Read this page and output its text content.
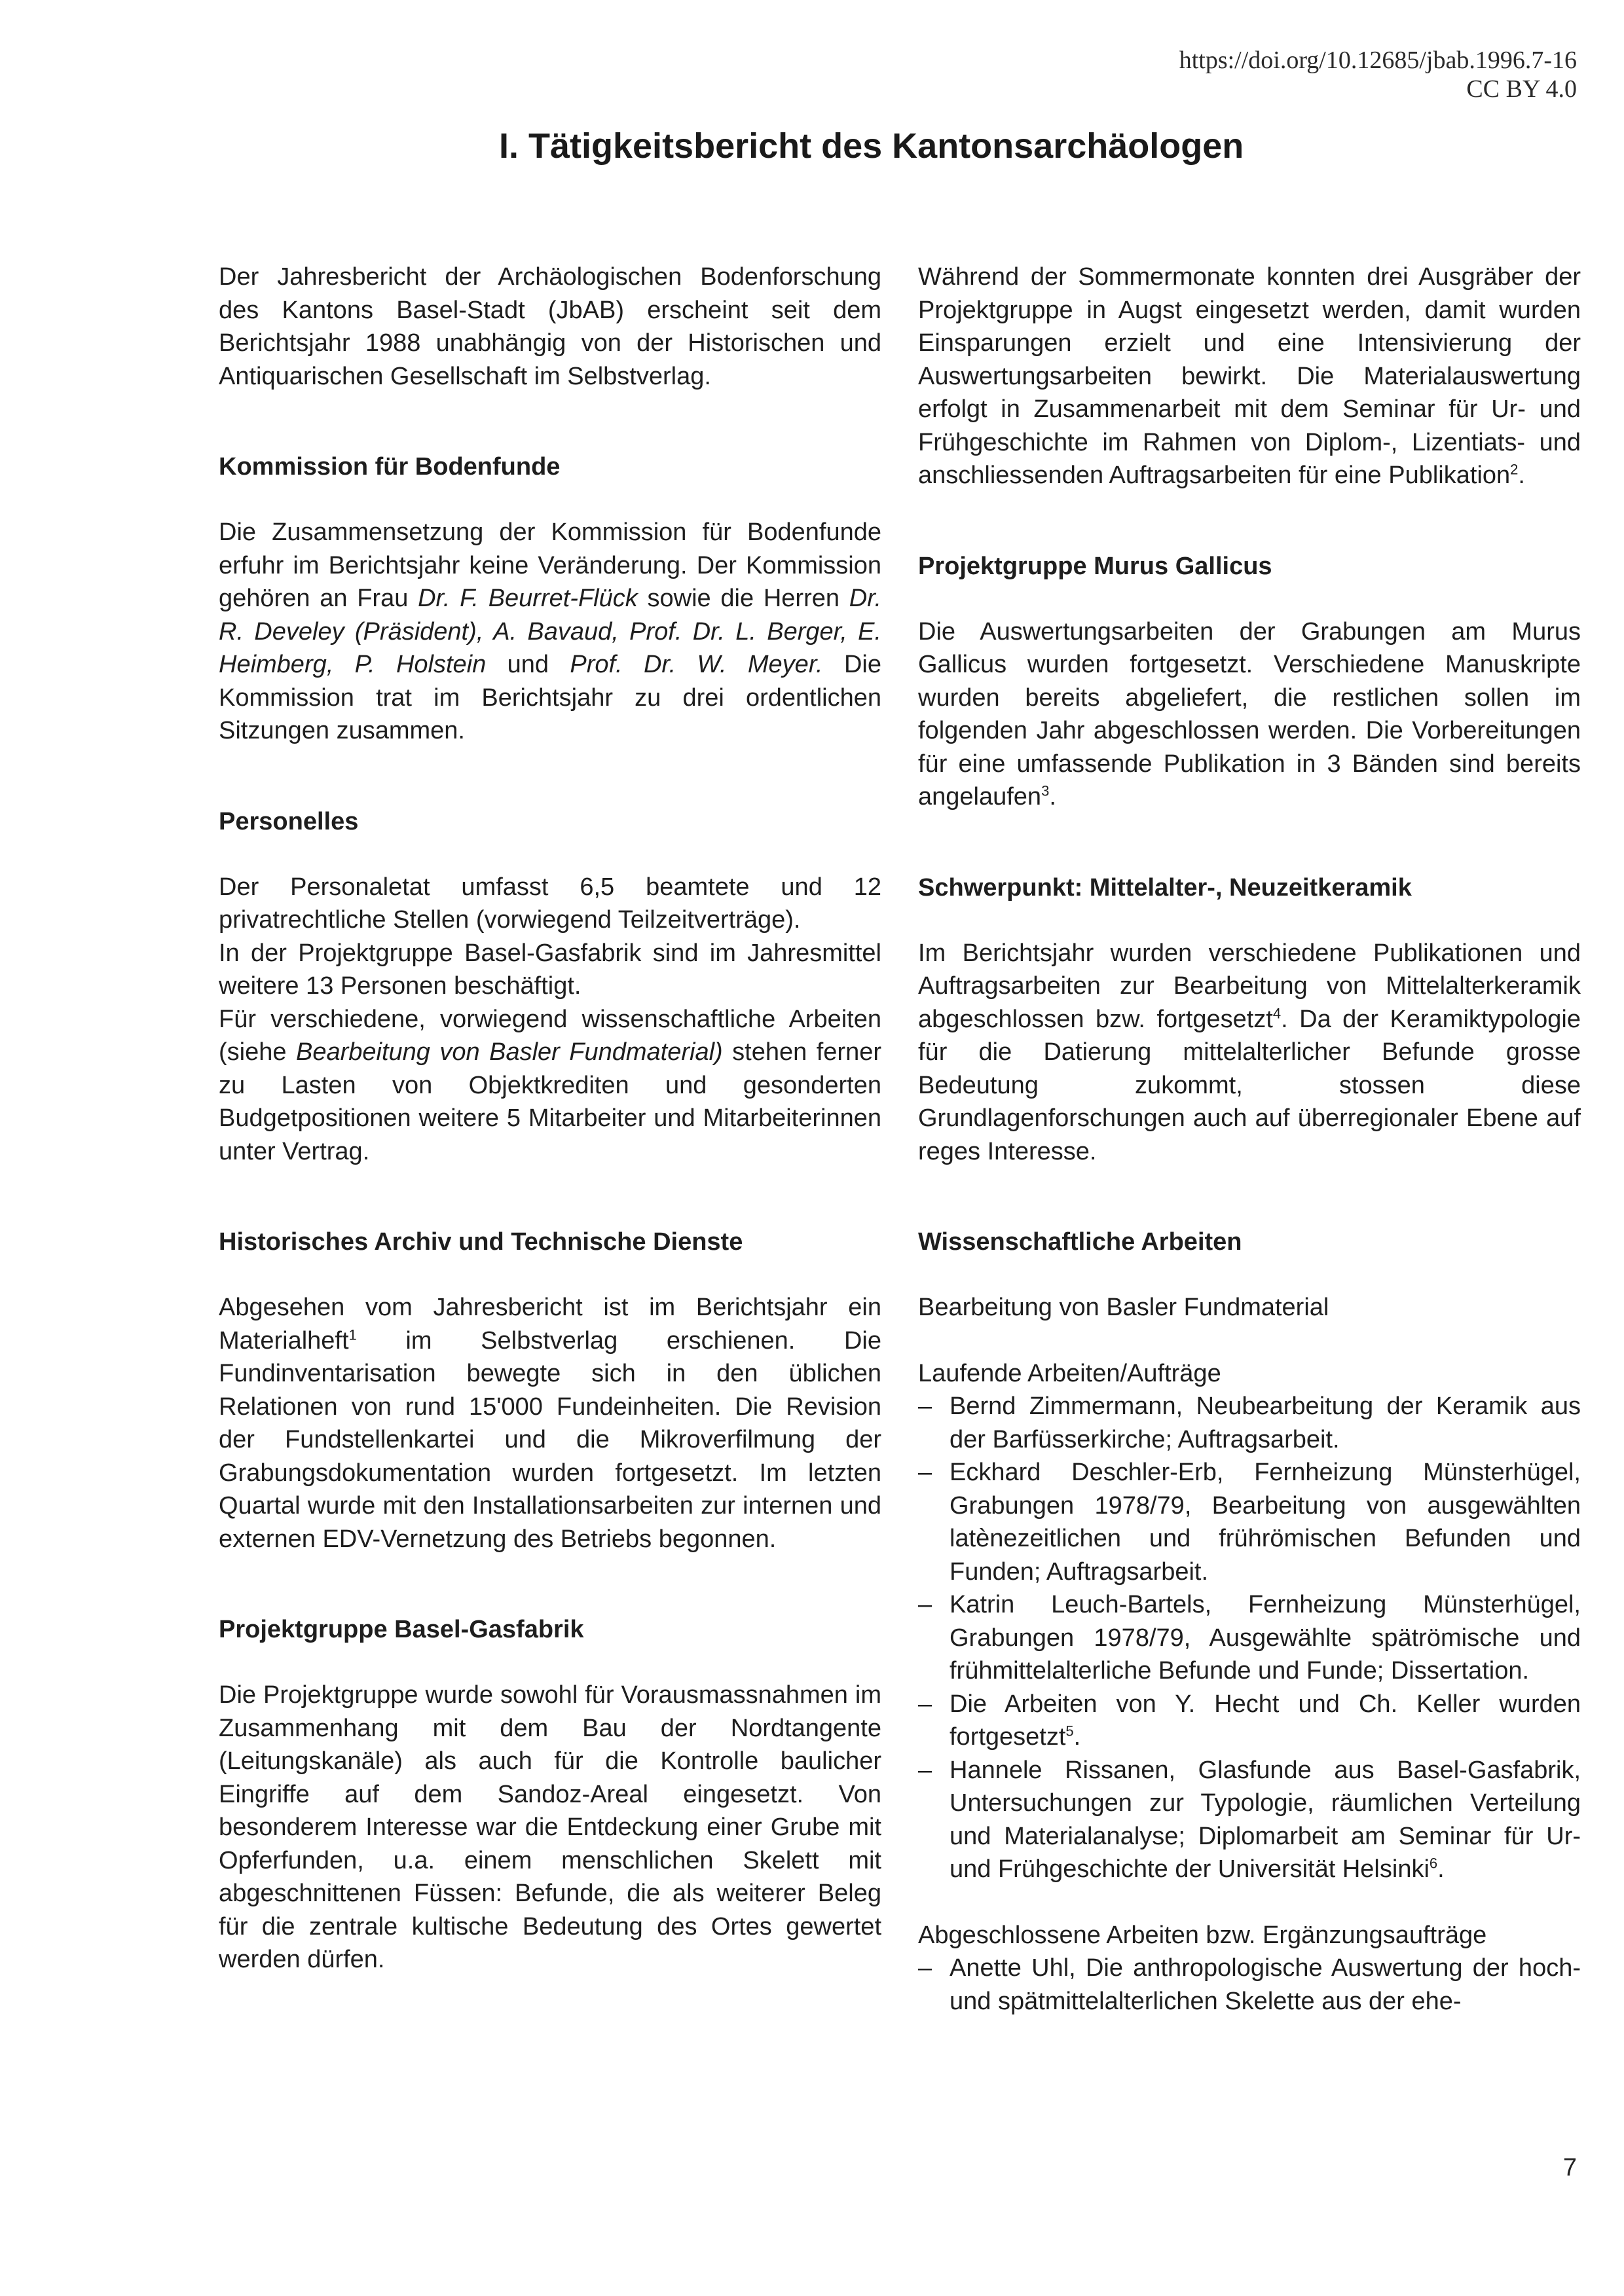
https://doi.org/10.12685/jbab.1996.7-16
CC BY 4.0
I. Tätigkeitsbericht des Kantonsarchäologen

Der Jahresbericht der Archäologischen Bodenforschung des Kantons Basel-Stadt (JbAB) erscheint seit dem Berichtsjahr 1988 unabhängig von der Historischen und Antiquarischen Gesellschaft im Selbstverlag.

Kommission für Bodenfunde

Die Zusammensetzung der Kommission für Bodenfunde erfuhr im Berichtsjahr keine Veränderung. Der Kommission gehören an Frau Dr. F. Beurret-Flück sowie die Herren Dr. R. Develey (Präsident), A. Bavaud, Prof. Dr. L. Berger, E. Heimberg, P. Holstein und Prof. Dr. W. Meyer. Die Kommission trat im Berichtsjahr zu drei ordentlichen Sitzungen zusammen.

Personelles

Der Personaletat umfasst 6,5 beamtete und 12 privatrechtliche Stellen (vorwiegend Teilzeitverträge).

In der Projektgruppe Basel-Gasfabrik sind im Jahresmittel weitere 13 Personen beschäftigt.

Für verschiedene, vorwiegend wissenschaftliche Arbeiten (siehe Bearbeitung von Basler Fundmaterial) stehen ferner zu Lasten von Objektkrediten und gesonderten Budgetpositionen weitere 5 Mitarbeiter und Mitarbeiterinnen unter Vertrag.

Historisches Archiv und Technische Dienste

Abgesehen vom Jahresbericht ist im Berichtsjahr ein Materialheft$^1$ im Selbstverlag erschienen. Die Fundinventarisation bewegte sich in den üblichen Relationen von rund 15'000 Fundeinheiten. Die Revision der Fundstellenkartei und die Mikroverfilmung der Grabungsdokumentation wurden fortgesetzt. Im letzten Quartal wurde mit den Installationsarbeiten zur internen und externen EDV-Vernetzung des Betriebs begonnen.

Projektgruppe Basel-Gasfabrik

Die Projektgruppe wurde sowohl für Vorausmassnahmen im Zusammenhang mit dem Bau der Nordtangente (Leitungskanäle) als auch für die Kontrolle baulicher Eingriffe auf dem Sandoz-Areal eingesetzt. Von besonderem Interesse war die Entdeckung einer Grube mit Opferfunden, u.a. einem menschlichen Skelett mit abgeschnittenen Füssen: Befunde, die als weiterer Beleg für die zentrale kultische Bedeutung des Ortes gewertet werden dürfen.

Während der Sommermonate konnten drei Ausgräber der Projektgruppe in Augst eingesetzt werden, damit wurden Einsparungen erzielt und eine Intensivierung der Auswertungsarbeiten bewirkt. Die Materialauswertung erfolgt in Zusammenarbeit mit dem Seminar für Ur- und Frühgeschichte im Rahmen von Diplom-, Lizentiats- und anschliessenden Auftragsarbeiten für eine Publikation$^2$.

Projektgruppe Murus Gallicus

Die Auswertungsarbeiten der Grabungen am Murus Gallicus wurden fortgesetzt. Verschiedene Manuskripte wurden bereits abgeliefert, die restlichen sollen im folgenden Jahr abgeschlossen werden. Die Vorbereitungen für eine umfassende Publikation in 3 Bänden sind bereits angelaufen$^3$.

Schwerpunkt: Mittelalter-, Neuzeitkeramik

Im Berichtsjahr wurden verschiedene Publikationen und Auftragsarbeiten zur Bearbeitung von Mittelalterkeramik abgeschlossen bzw. fortgesetzt$^4$. Da der Keramiktypologie für die Datierung mittelalterlicher Befunde grosse Bedeutung zukommt, stossen diese Grundlagenforschungen auch auf überregionaler Ebene auf reges Interesse.

Wissenschaftliche Arbeiten

Bearbeitung von Basler Fundmaterial

Laufende Arbeiten/Aufträge

– Bernd Zimmermann, Neubearbeitung der Keramik aus der Barfüsserkirche; Auftragsarbeit.
– Eckhard Deschler-Erb, Fernheizung Münsterhügel, Grabungen 1978/79, Bearbeitung von ausgewählten latènezeitlichen und frührömischen Befunden und Funden; Auftragsarbeit.
– Katrin Leuch-Bartels, Fernheizung Münsterhügel, Grabungen 1978/79, Ausgewählte spätrömische und frühmittelalterliche Befunde und Funde; Dissertation.
– Die Arbeiten von Y. Hecht und Ch. Keller wurden fortgesetzt$^5$.
– Hannele Rissanen, Glasfunde aus Basel-Gasfabrik, Untersuchungen zur Typologie, räumlichen Verteilung und Materialanalyse; Diplomarbeit am Seminar für Ur- und Frühgeschichte der Universität Helsinki$^6$.

Abgeschlossene Arbeiten bzw. Ergänzungsaufträge

– Anette Uhl, Die anthropologische Auswertung der hoch- und spätmittelalterlichen Skelette aus der ehe-
7
